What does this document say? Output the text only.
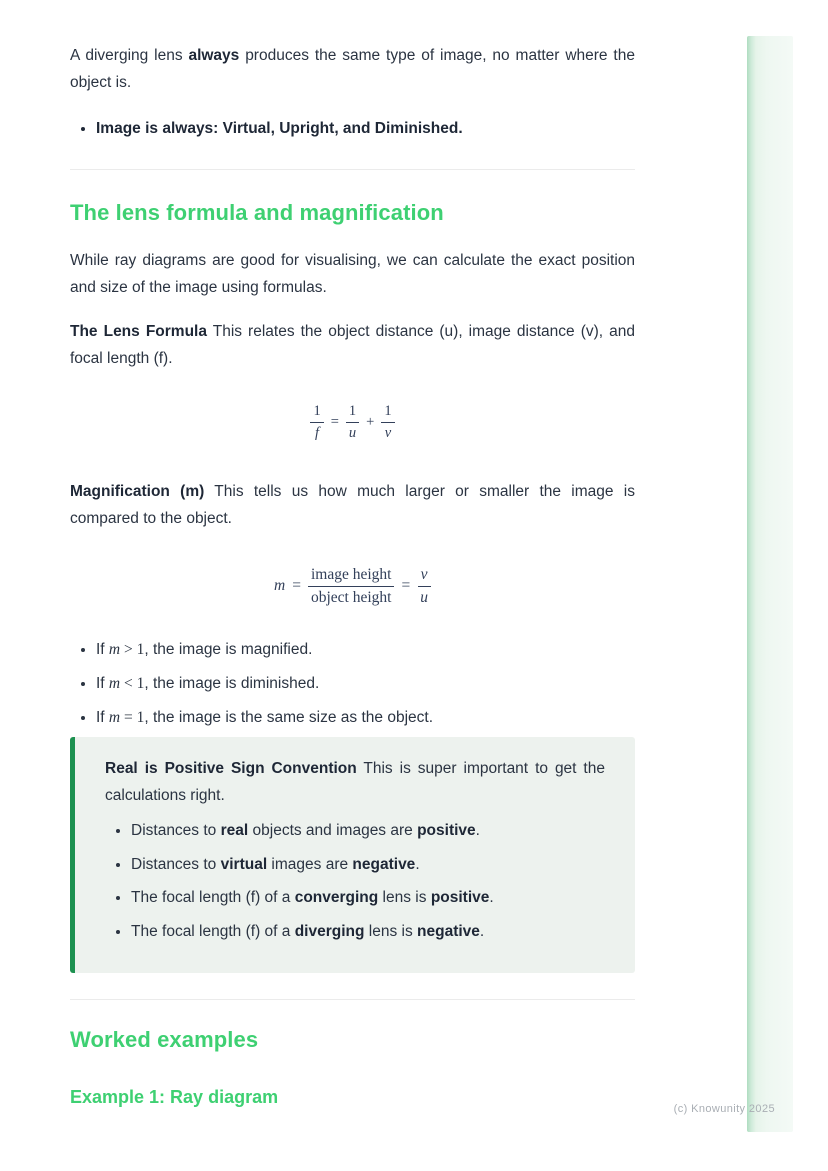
A diverging lens always produces the same type of image, no matter where the object is.

• Image is always: Virtual, Upright, and Diminished.
The lens formula and magnification

While ray diagrams are good for visualising, we can calculate the exact position and size of the image using formulas.

The Lens Formula This relates the object distance (u), image distance (v), and focal length (f).

$\frac{1}{f} = \frac{1}{u} + \frac{1}{v}$

Magnification (m) This tells us how much larger or smaller the image is compared to the object.

$m = \frac{\text{image height}}{\text{object height}} = \frac{v}{u}$
• If m > 1, the image is magnified.
• If m < 1, the image is diminished.
• If m = 1, the image is the same size as the object.

Real is Positive Sign Convention This is super important to get the calculations right.

• Distances to real objects and images are positive.
• Distances to virtual images are negative.
• The focal length (f) of a converging lens is positive.
• The focal length (f) of a diverging lens is negative.
Worked examples
Example 1: Ray diagram
(c) Knowunity 2025
